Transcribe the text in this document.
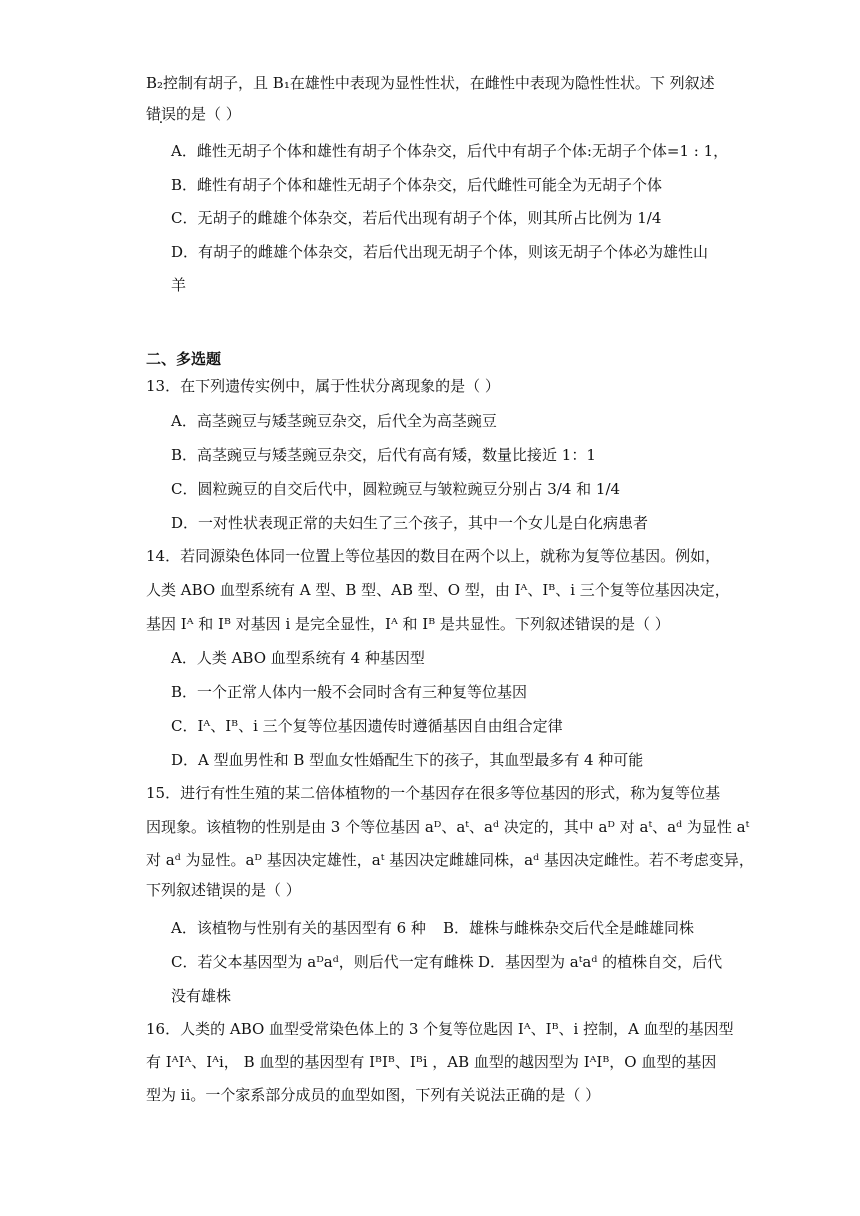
B₂控制有胡子，且 B₁在雄性中表现为显性性状，在雌性中表现为隐性性状。下 列叙述
错误的是（ ）
A．雌性无胡子个体和雄性有胡子个体杂交，后代中有胡子个体:无胡子个体=1 : 1，
B．雌性有胡子个体和雄性无胡子个体杂交，后代雌性可能全为无胡子个体
C．无胡子的雌雄个体杂交，若后代出现有胡子个体，则其所占比例为 1/4
D．有胡子的雌雄个体杂交，若后代出现无胡子个体，则该无胡子个体必为雄性山
羊
二、多选题
13．在下列遗传实例中，属于性状分离现象的是（ ）
A．高茎豌豆与矮茎豌豆杂交，后代全为高茎豌豆
B．高茎豌豆与矮茎豌豆杂交，后代有高有矮，数量比接近 1：1
C．圆粒豌豆的自交后代中，圆粒豌豆与皱粒豌豆分别占 3/4 和 1/4
D．一对性状表现正常的夫妇生了三个孩子，其中一个女儿是白化病患者
14．若同源染色体同一位置上等位基因的数目在两个以上，就称为复等位基因。例如，
人类 ABO 血型系统有 A 型、B 型、AB 型、O 型，由 Iᴬ、Iᴮ、i 三个复等位基因决定，
基因 Iᴬ 和 Iᴮ 对基因 i 是完全显性，Iᴬ 和 Iᴮ 是共显性。下列叙述错误的是（ ）
A．人类 ABO 血型系统有 4 种基因型
B．一个正常人体内一般不会同时含有三种复等位基因
C．Iᴬ、Iᴮ、i 三个复等位基因遗传时遵循基因自由组合定律
D．A 型血男性和 B 型血女性婚配生下的孩子，其血型最多有 4 种可能
15．进行有性生殖的某二倍体植物的一个基因存在很多等位基因的形式，称为复等位基
因现象。该植物的性别是由 3 个等位基因 aᴰ、aᵗ、aᵈ 决定的，其中 aᴰ 对 aᵗ、aᵈ 为显性 aᵗ
对 aᵈ 为显性。aᴰ 基因决定雄性，aᵗ 基因决定雌雄同株，aᵈ 基因决定雌性。若不考虑变异，
下列叙述错误的是（ ）
A．该植物与性别有关的基因型有 6 种 B．雄株与雌株杂交后代全是雌雄同株
C．若父本基因型为 aᴰaᵈ，则后代一定有雌株 D．基因型为 aᵗaᵈ 的植株自交，后代
没有雄株
16．人类的 ABO 血型受常染色体上的 3 个复等位匙因 Iᴬ、Iᴮ、i 控制，A 血型的基因型
有 IᴬIᴬ、Iᴬi， B 血型的基因型有 IᴮIᴮ、Iᴮi ，AB 血型的越因型为 IᴬIᴮ，O 血型的基因
型为 ii。一个家系部分成员的血型如图，下列有关说法正确的是（ ）
